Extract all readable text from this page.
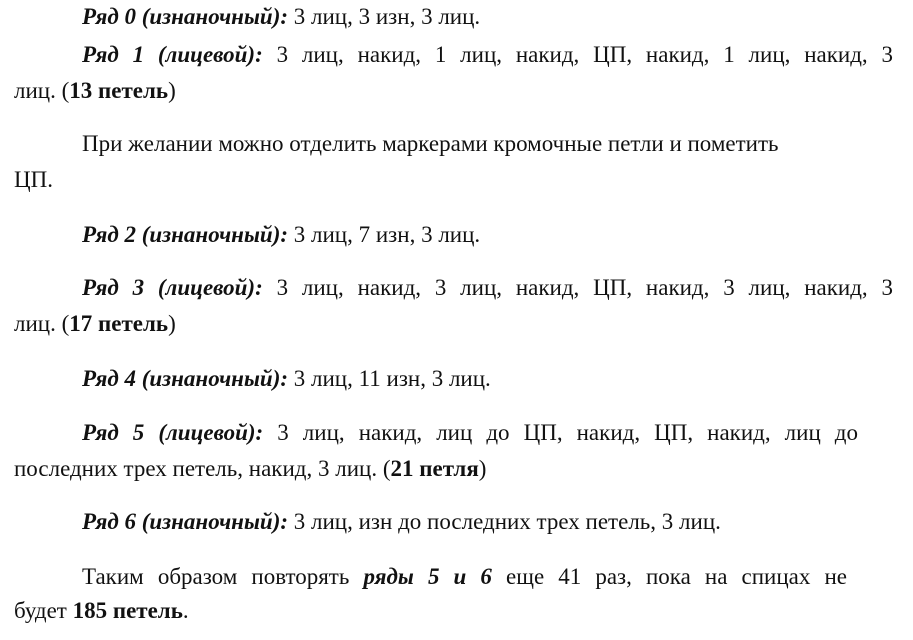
Ряд 0 (изнаночный): 3 лиц, 3 изн, 3 лиц.
Ряд 1 (лицевой): 3 лиц, накид, 1 лиц, накид, ЦП, накид, 1 лиц, накид, 3
лиц. (13 петель)
При желании можно отделить маркерами кромочные петли и пометить
ЦП.
Ряд 2 (изнаночный): 3 лиц, 7 изн, 3 лиц.
Ряд 3 (лицевой): 3 лиц, накид, 3 лиц, накид, ЦП, накид, 3 лиц, накид, 3
лиц. (17 петель)
Ряд 4 (изнаночный): 3 лиц, 11 изн, 3 лиц.
Ряд 5 (лицевой): 3 лиц, накид, лиц до ЦП, накид, ЦП, накид, лиц до
последних трех петель, накид, 3 лиц. (21 петля)
Ряд 6 (изнаночный): 3 лиц, изн до последних трех петель, 3 лиц.
Таким образом повторять ряды 5 и 6 еще 41 раз, пока на спицах не
будет 185 петель.
